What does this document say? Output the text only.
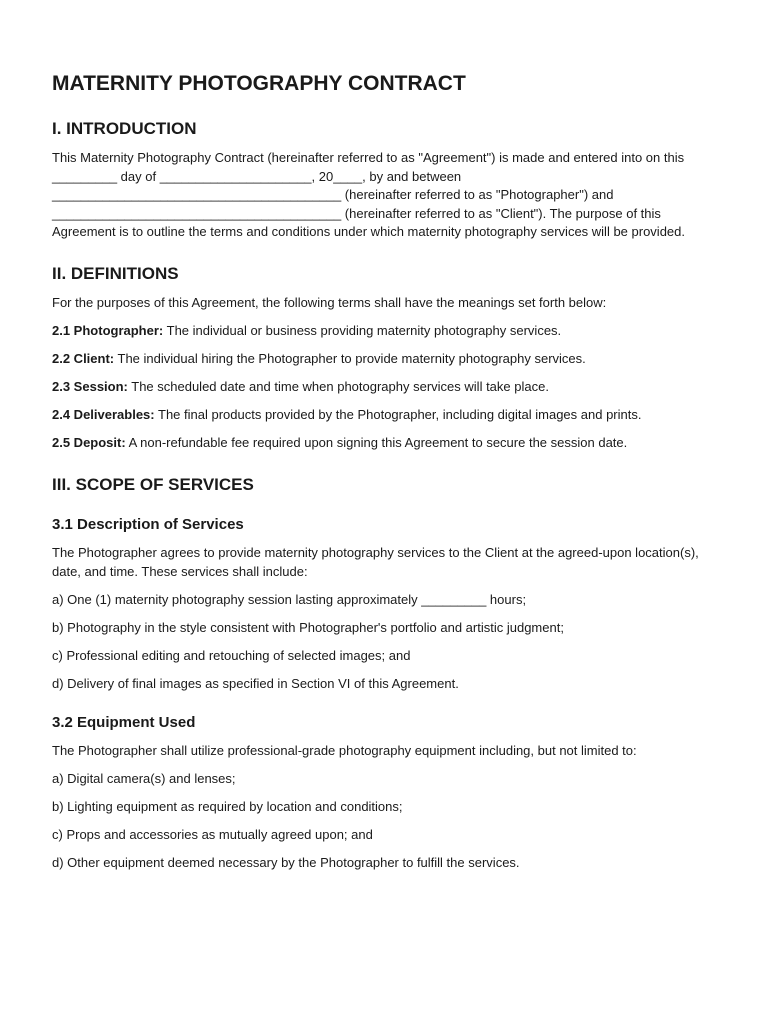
MATERNITY PHOTOGRAPHY CONTRACT
I. INTRODUCTION

This Maternity Photography Contract (hereinafter referred to as "Agreement") is made and entered into on this _________ day of _____________________, 20____, by and between ________________________________________ (hereinafter referred to as "Photographer") and ________________________________________ (hereinafter referred to as "Client"). The purpose of this Agreement is to outline the terms and conditions under which maternity photography services will be provided.

II. DEFINITIONS

For the purposes of this Agreement, the following terms shall have the meanings set forth below:

2.1 Photographer: The individual or business providing maternity photography services.

2.2 Client: The individual hiring the Photographer to provide maternity photography services.

2.3 Session: The scheduled date and time when photography services will take place.

2.4 Deliverables: The final products provided by the Photographer, including digital images and prints.

2.5 Deposit: A non-refundable fee required upon signing this Agreement to secure the session date.

III. SCOPE OF SERVICES
3.1 Description of Services

The Photographer agrees to provide maternity photography services to the Client at the agreed-upon location(s), date, and time. These services shall include:

a) One (1) maternity photography session lasting approximately _________ hours;

b) Photography in the style consistent with Photographer's portfolio and artistic judgment;

c) Professional editing and retouching of selected images; and

d) Delivery of final images as specified in Section VI of this Agreement.

3.2 Equipment Used

The Photographer shall utilize professional-grade photography equipment including, but not limited to:

a) Digital camera(s) and lenses;

b) Lighting equipment as required by location and conditions;

c) Props and accessories as mutually agreed upon; and

d) Other equipment deemed necessary by the Photographer to fulfill the services.
